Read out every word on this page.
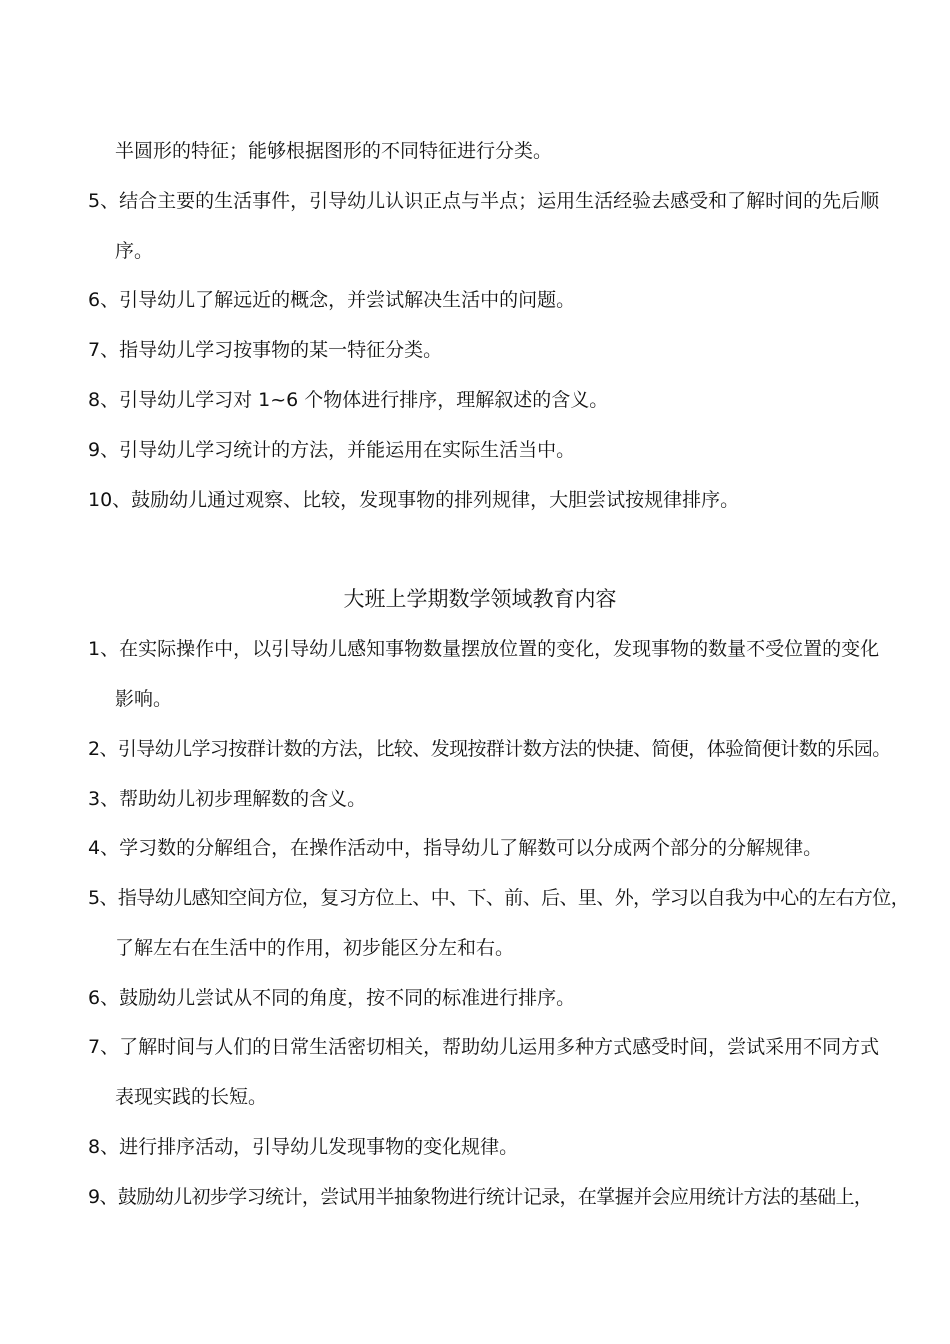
半圆形的特征；能够根据图形的不同特征进行分类。
5、结合主要的生活事件，引导幼儿认识正点与半点；运用生活经验去感受和了解时间的先后顺
序。
6、引导幼儿了解远近的概念，并尝试解决生活中的问题。
7、指导幼儿学习按事物的某一特征分类。
8、引导幼儿学习对 1~6 个物体进行排序，理解叙述的含义。
9、引导幼儿学习统计的方法，并能运用在实际生活当中。
10、鼓励幼儿通过观察、比较，发现事物的排列规律，大胆尝试按规律排序。
大班上学期数学领域教育内容
1、在实际操作中，以引导幼儿感知事物数量摆放位置的变化，发现事物的数量不受位置的变化
影响。
2、引导幼儿学习按群计数的方法，比较、发现按群计数方法的快捷、简便，体验简便计数的乐园。
3、帮助幼儿初步理解数的含义。
4、学习数的分解组合，在操作活动中，指导幼儿了解数可以分成两个部分的分解规律。
5、指导幼儿感知空间方位，复习方位上、中、下、前、后、里、外，学习以自我为中心的左右方位，
了解左右在生活中的作用，初步能区分左和右。
6、鼓励幼儿尝试从不同的角度，按不同的标准进行排序。
7、了解时间与人们的日常生活密切相关，帮助幼儿运用多种方式感受时间，尝试采用不同方式
表现实践的长短。
8、进行排序活动，引导幼儿发现事物的变化规律。
9、鼓励幼儿初步学习统计，尝试用半抽象物进行统计记录，在掌握并会应用统计方法的基础上，
